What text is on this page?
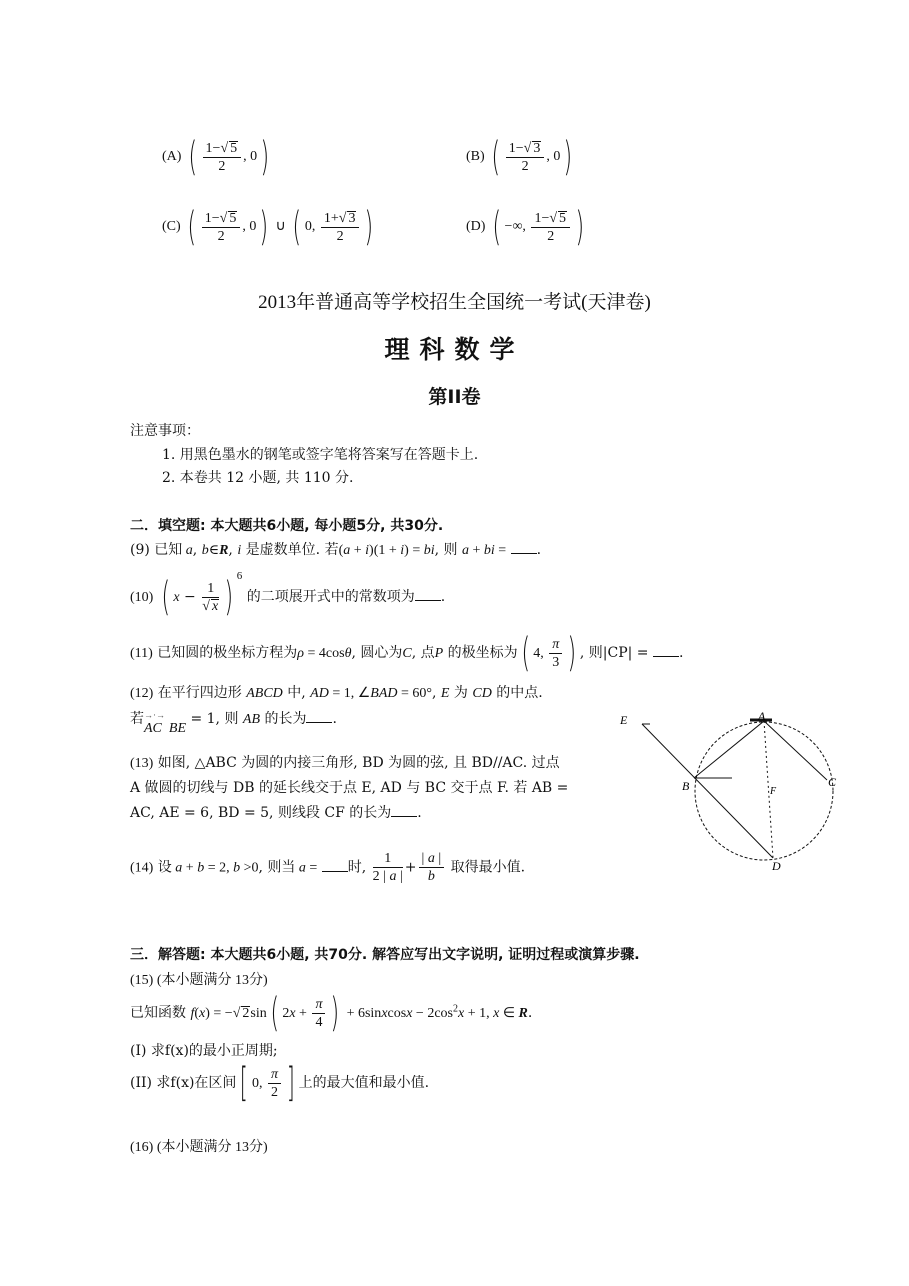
(A) ( $\frac{1-√ 5}{2}$ , 0)	(B) ( $\frac{1-√ 3}{2}$ , 0)
(C) ( $\frac{1-√ 5}{2}$ , 0) ∪ ( 0, $\frac{1+√ 3}{2}$ )	(D) ( −∞, $\frac{1-√ 5}{2}$ )
2013年普通高等学校招生全国统一考试(天津卷)
理科数学
第II卷
注意事项：
1. 用黑色墨水的钢笔或签字笔将答案写在答题卡上.
2. 本卷共 12 小题, 共 110 分.
二．填空题: 本大题共6小题, 每小题5分, 共30分.
(9) 已知 a, b∈R, i 是虚数单位. 若(a + i)(1 + i) = bi, 则 a + bi = .
(10) ( $x - \frac{1}{√ x}$ ) $^6$ 的二项展开式中的常数项为 .
(11) 已知圆的极坐标方程为ρ = 4cosθ, 圆心为C, 点P 的极坐标为( 4, $\frac{\pi}{3}$ ) , 则|CP| = .
(12) 在平行四边形 ABCD 中, AD = 1, ∠BAD = 60°, E 为 CD 的中点.
若→·→
AC BE = 1, 则 AB 的长为 .
(13) 如图, △ABC 为圆的内接三角形, BD 为圆的弦, 且 BD//AC. 过点
A 做圆的切线与 DB 的延长线交于点 E, AD 与 BC 交于点 F. 若 AB =
AC, AE = 6, BD = 5, 则线段 CF 的长为 .
E	A
B	C
D
F
(14) 设 a + b = 2, b >0, 则当 a = 时, $\frac{1}{2 | a |} + \frac{| a |}{b}$ 取得最小值.
三．解答题: 本大题共6小题, 共70分. 解答应写出文字说明, 证明过程或演算步骤.
(15) (本小题满分 13分)
已知函数 f(x) = −√ 2sin( $2x + \frac{\pi}{4}$ ) + 6sinxcosx − $2\cos^2x + 1$, x ∈ R.
(I) 求f(x)的最小正周期;
(II) 求f(x)在区间[ 0, $\frac{\pi}{2}$ ] 上的最大值和最小值.
(16) (本小题满分 13分)
